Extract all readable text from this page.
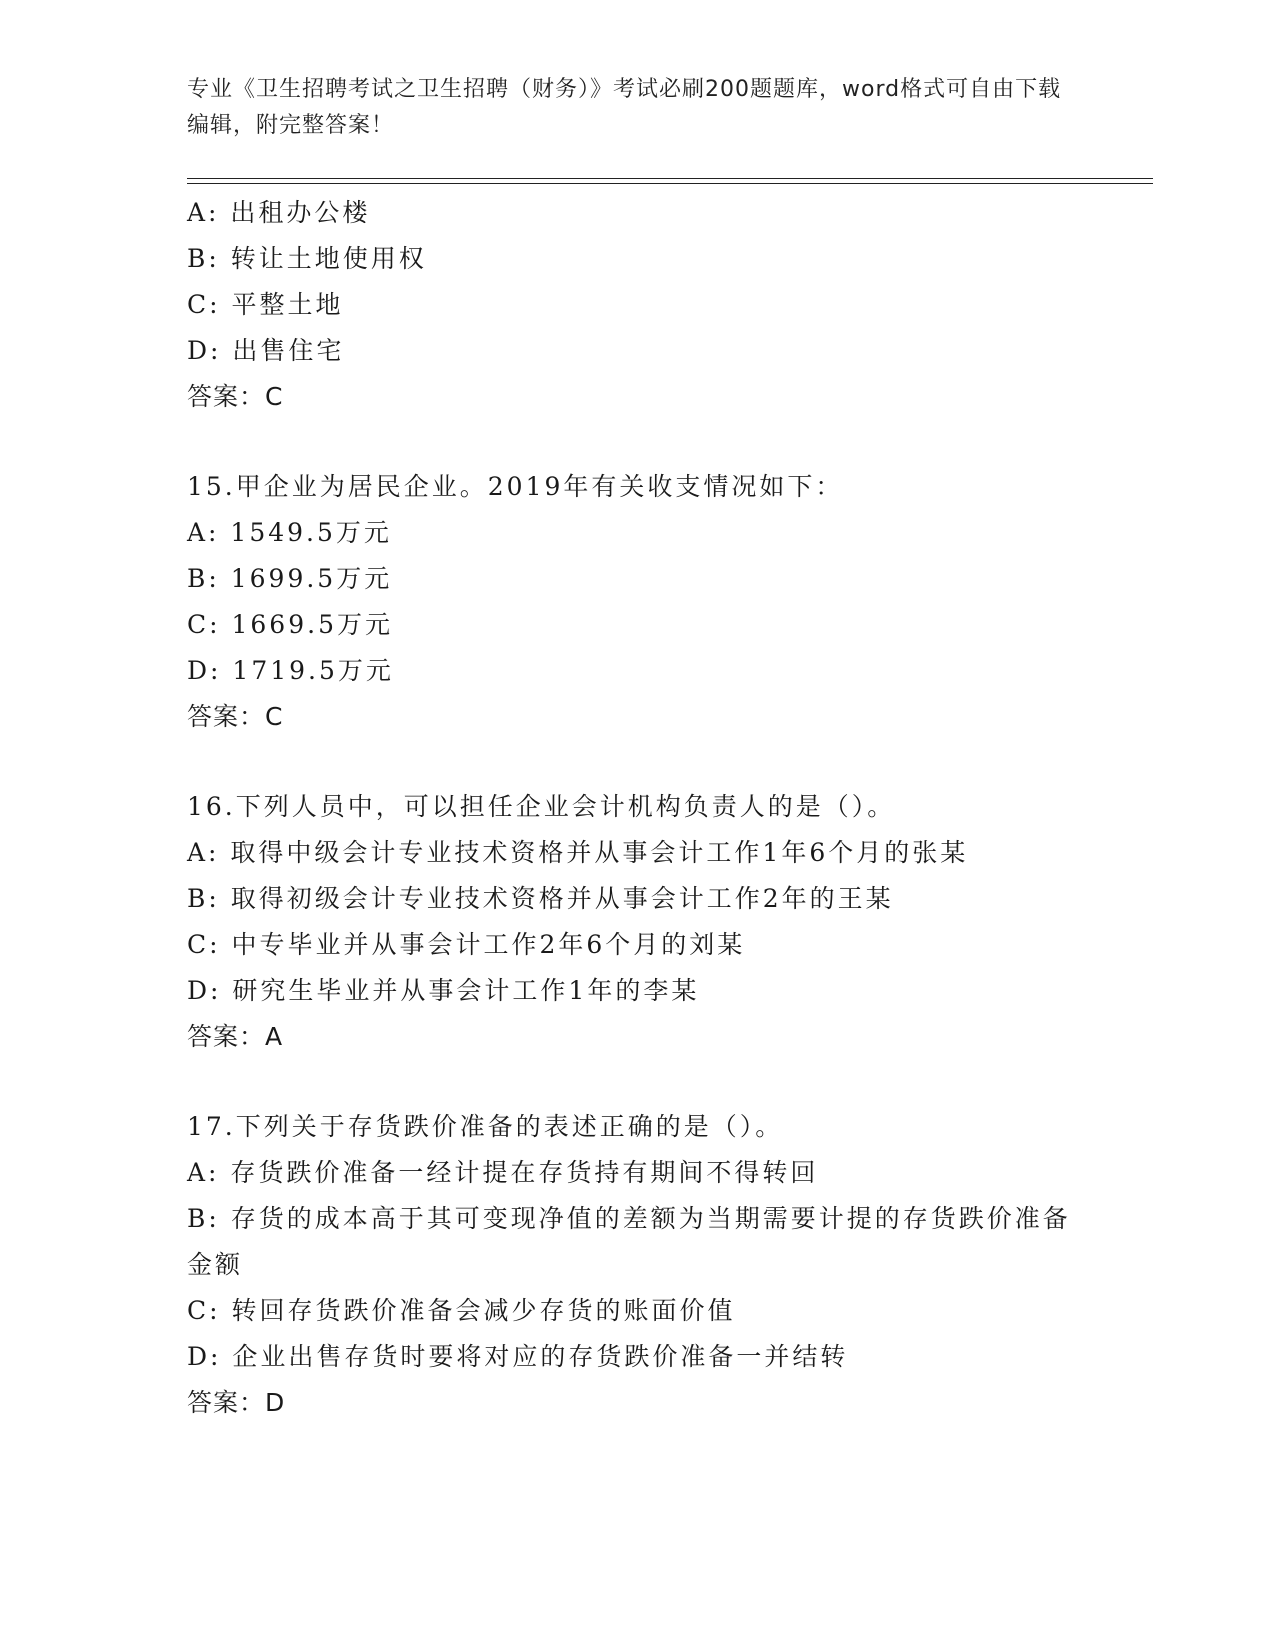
专业《卫生招聘考试之卫生招聘（财务）》考试必刷200题题库，word格式可自由下载编辑，附完整答案！
A: 出租办公楼
B: 转让土地使用权
C: 平整土地
D: 出售住宅
答案：C
15.甲企业为居民企业。2019年有关收支情况如下：
A: 1549.5万元
B: 1699.5万元
C: 1669.5万元
D: 1719.5万元
答案：C
16.下列人员中，可以担任企业会计机构负责人的是（）。
A: 取得中级会计专业技术资格并从事会计工作1年6个月的张某
B: 取得初级会计专业技术资格并从事会计工作2年的王某
C: 中专毕业并从事会计工作2年6个月的刘某
D: 研究生毕业并从事会计工作1年的李某
答案：A
17.下列关于存货跌价准备的表述正确的是（）。
A: 存货跌价准备一经计提在存货持有期间不得转回
B: 存货的成本高于其可变现净值的差额为当期需要计提的存货跌价准备金额
C: 转回存货跌价准备会减少存货的账面价值
D: 企业出售存货时要将对应的存货跌价准备一并结转
答案：D
